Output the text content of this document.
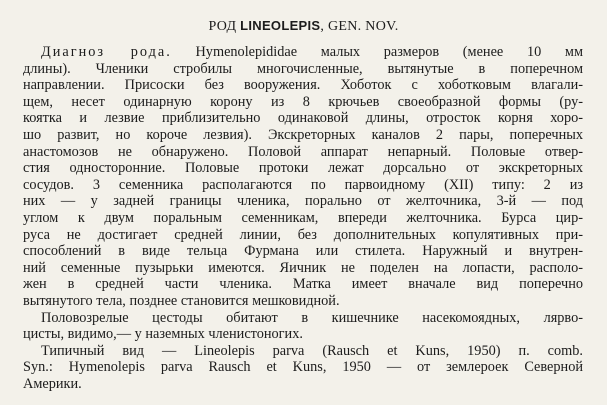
РОД LINEOLEPIS, GEN. NOV.
Диагноз рода. Hymenolepididae малых размеров (менее 10 мм
длины). Членики стробилы многочисленные, вытянутые в поперечном
направлении. Присоски без вооружения. Хоботок с хоботковым влагали-
щем, несет одинарную корону из 8 крючьев своеобразной формы (ру-
коятка и лезвие приблизительно одинаковой длины, отросток корня хоро-
шо развит, но короче лезвия). Экскреторных каналов 2 пары, поперечных
анастомозов не обнаружено. Половой аппарат непарный. Половые отвер-
стия односторонние. Половые протоки лежат дорсально от экскреторных
сосудов. 3 семенника располагаются по парвоидному (XII) типу: 2 из
них — у задней границы членика, порально от желточника, 3-й — под
углом к двум поральным семенникам, впереди желточника. Бурса цир-
руса не достигает средней линии, без дополнительных копулятивных при-
способлений в виде тельца Фурмана или стилета. Наружный и внутрен-
ний семенные пузырьки имеются. Яичник не поделен на лопасти, располо-
жен в средней части членика. Матка имеет вначале вид поперечно
вытянутого тела, позднее становится мешковидной.
Половозрелые цестоды обитают в кишечнике насекомоядных, лярво-
цисты, видимо,— у наземных членистоногих.
Типичный вид — Lineolepis parva (Rausch et Kuns, 1950) п. comb.
Syn.: Hymenolepis parva Rausch et Kuns, 1950 — от землероек Северной
Америки.
